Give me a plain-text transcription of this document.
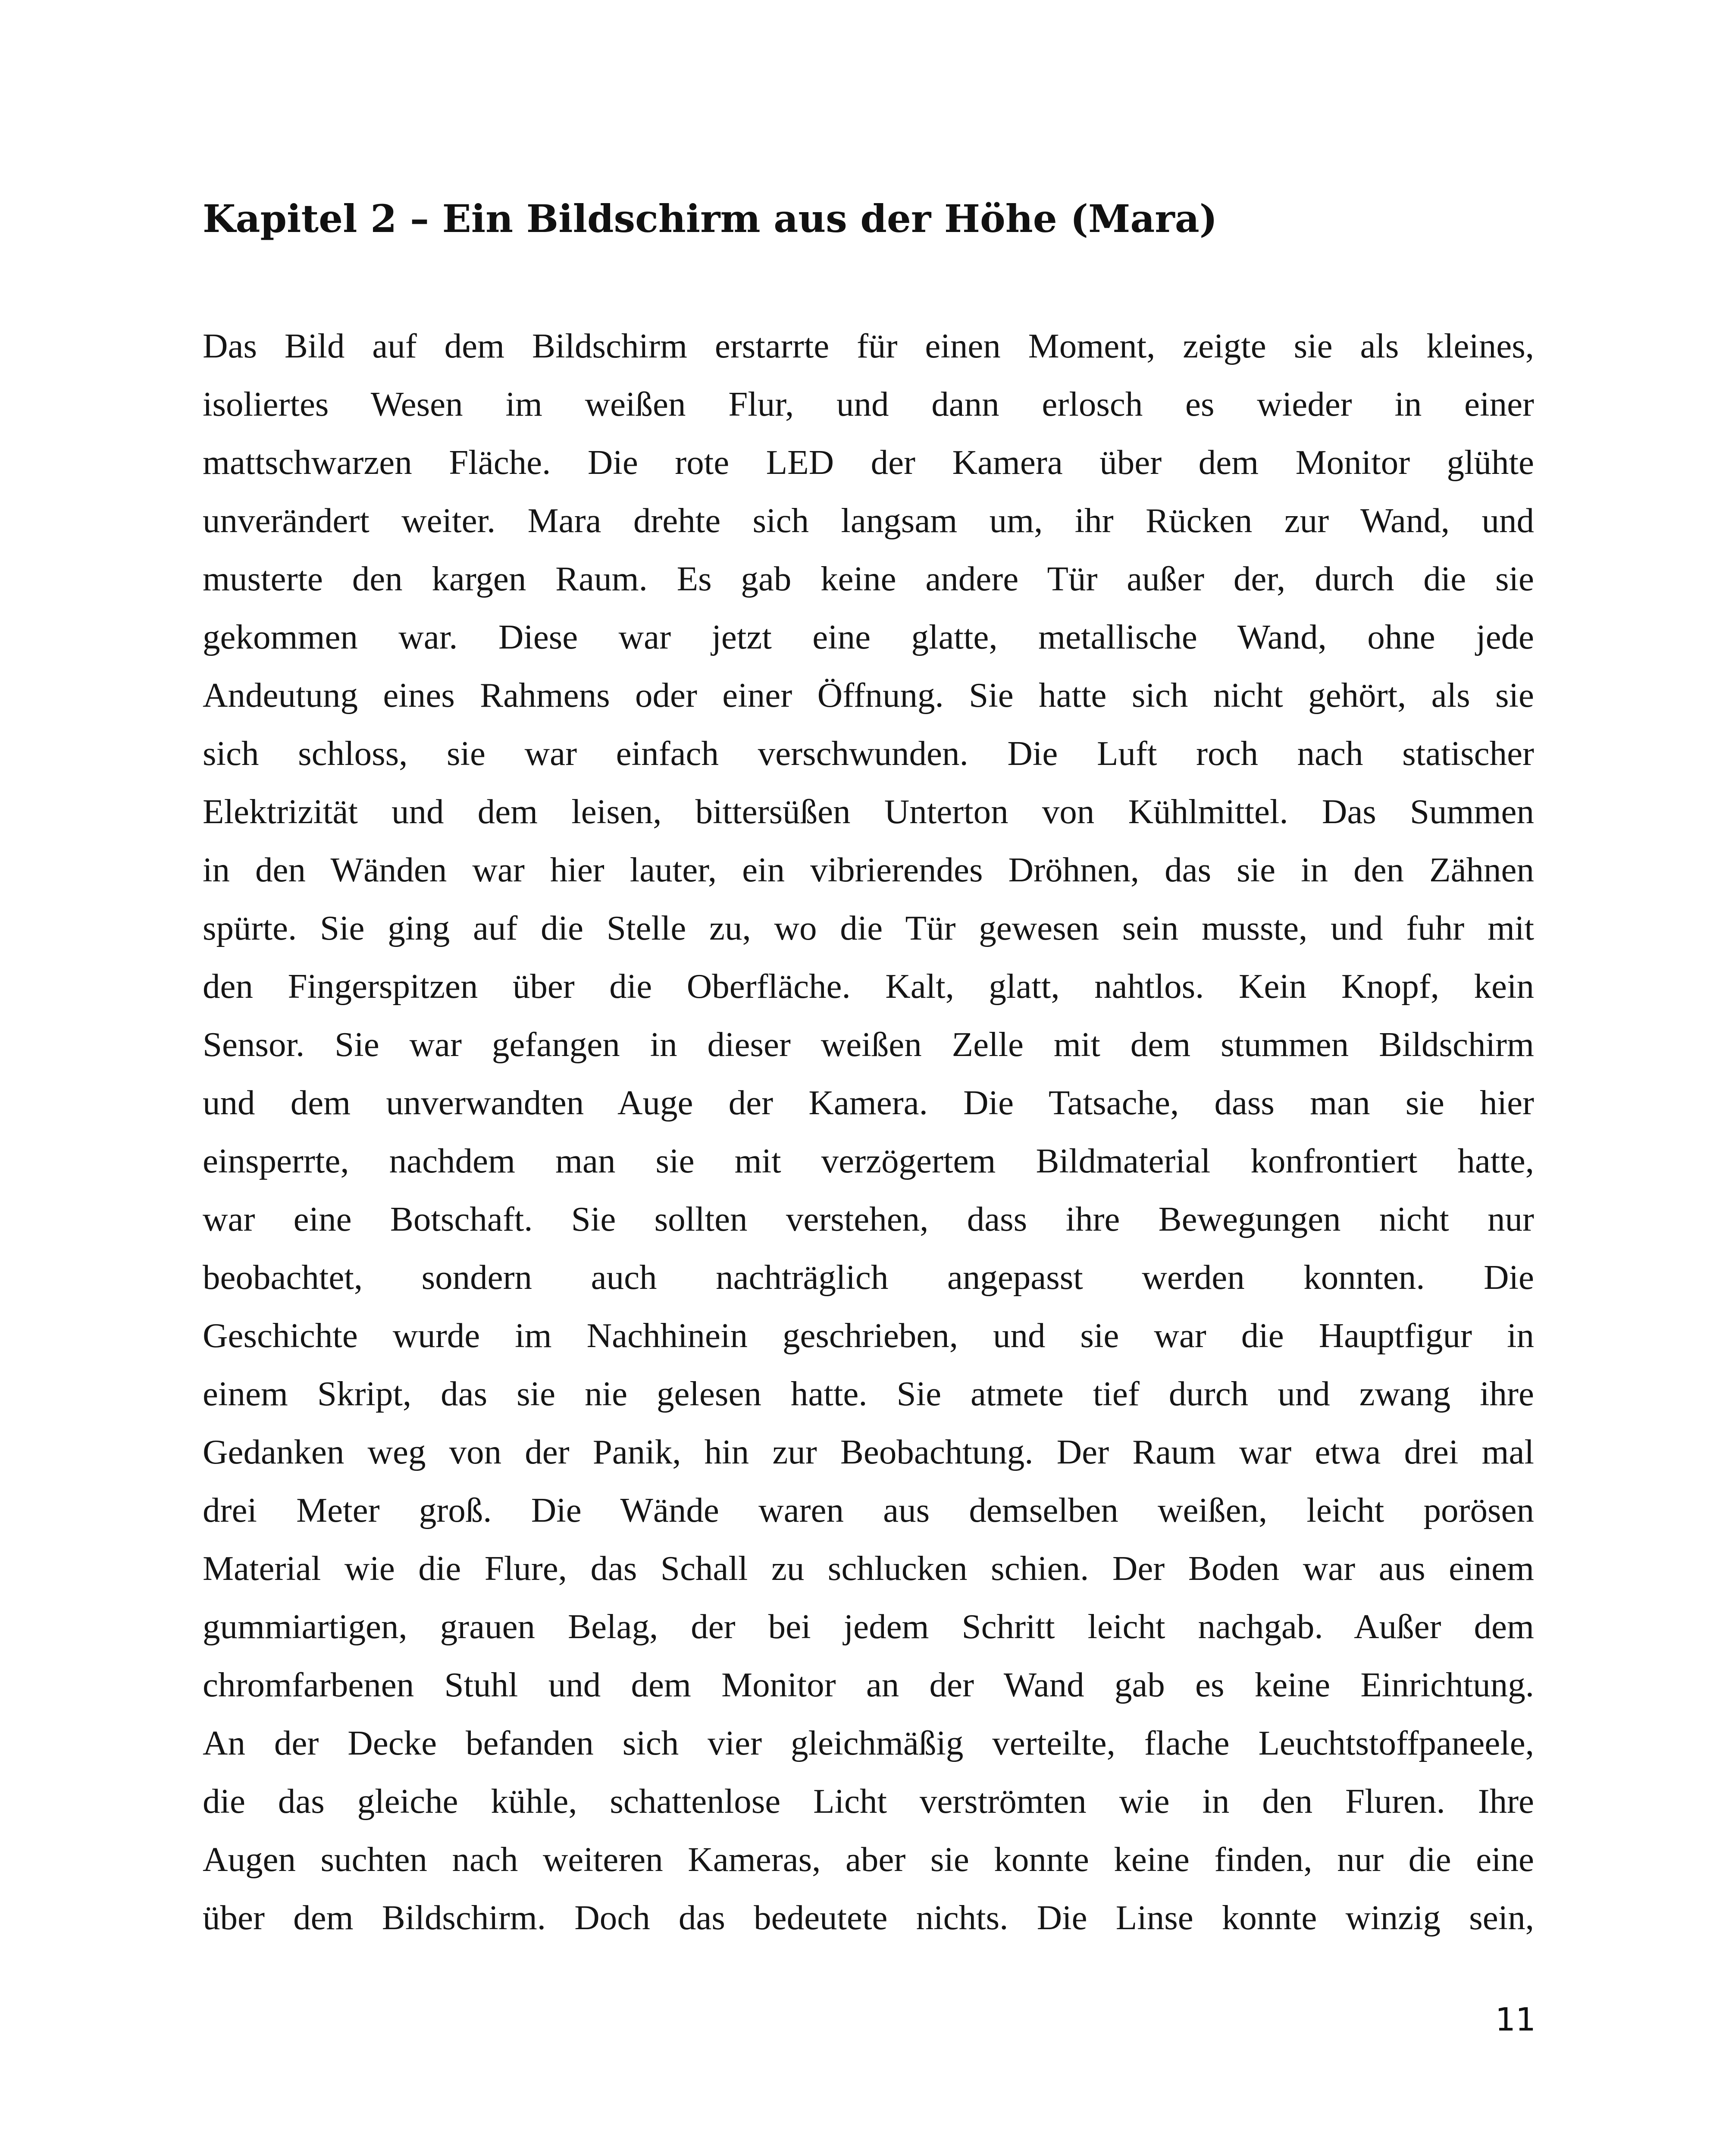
Kapitel 2 – Ein Bildschirm aus der Höhe (Mara)
Das Bild auf dem Bildschirm erstarrte für einen Moment, zeigte sie als kleines,
isoliertes Wesen im weißen Flur, und dann erlosch es wieder in einer
mattschwarzen Fläche. Die rote LED der Kamera über dem Monitor glühte
unverändert weiter. Mara drehte sich langsam um, ihr Rücken zur Wand, und
musterte den kargen Raum. Es gab keine andere Tür außer der, durch die sie
gekommen war. Diese war jetzt eine glatte, metallische Wand, ohne jede
Andeutung eines Rahmens oder einer Öffnung. Sie hatte sich nicht gehört, als sie
sich schloss, sie war einfach verschwunden. Die Luft roch nach statischer
Elektrizität und dem leisen, bittersüßen Unterton von Kühlmittel. Das Summen
in den Wänden war hier lauter, ein vibrierendes Dröhnen, das sie in den Zähnen
spürte. Sie ging auf die Stelle zu, wo die Tür gewesen sein musste, und fuhr mit
den Fingerspitzen über die Oberfläche. Kalt, glatt, nahtlos. Kein Knopf, kein
Sensor. Sie war gefangen in dieser weißen Zelle mit dem stummen Bildschirm
und dem unverwandten Auge der Kamera. Die Tatsache, dass man sie hier
einsperrte, nachdem man sie mit verzögertem Bildmaterial konfrontiert hatte,
war eine Botschaft. Sie sollten verstehen, dass ihre Bewegungen nicht nur
beobachtet, sondern auch nachträglich angepasst werden konnten. Die
Geschichte wurde im Nachhinein geschrieben, und sie war die Hauptfigur in
einem Skript, das sie nie gelesen hatte. Sie atmete tief durch und zwang ihre
Gedanken weg von der Panik, hin zur Beobachtung. Der Raum war etwa drei mal
drei Meter groß. Die Wände waren aus demselben weißen, leicht porösen
Material wie die Flure, das Schall zu schlucken schien. Der Boden war aus einem
gummiartigen, grauen Belag, der bei jedem Schritt leicht nachgab. Außer dem
chromfarbenen Stuhl und dem Monitor an der Wand gab es keine Einrichtung.
An der Decke befanden sich vier gleichmäßig verteilte, flache Leuchtstoffpaneele,
die das gleiche kühle, schattenlose Licht verströmten wie in den Fluren. Ihre
Augen suchten nach weiteren Kameras, aber sie konnte keine finden, nur die eine
über dem Bildschirm. Doch das bedeutete nichts. Die Linse konnte winzig sein,
11
